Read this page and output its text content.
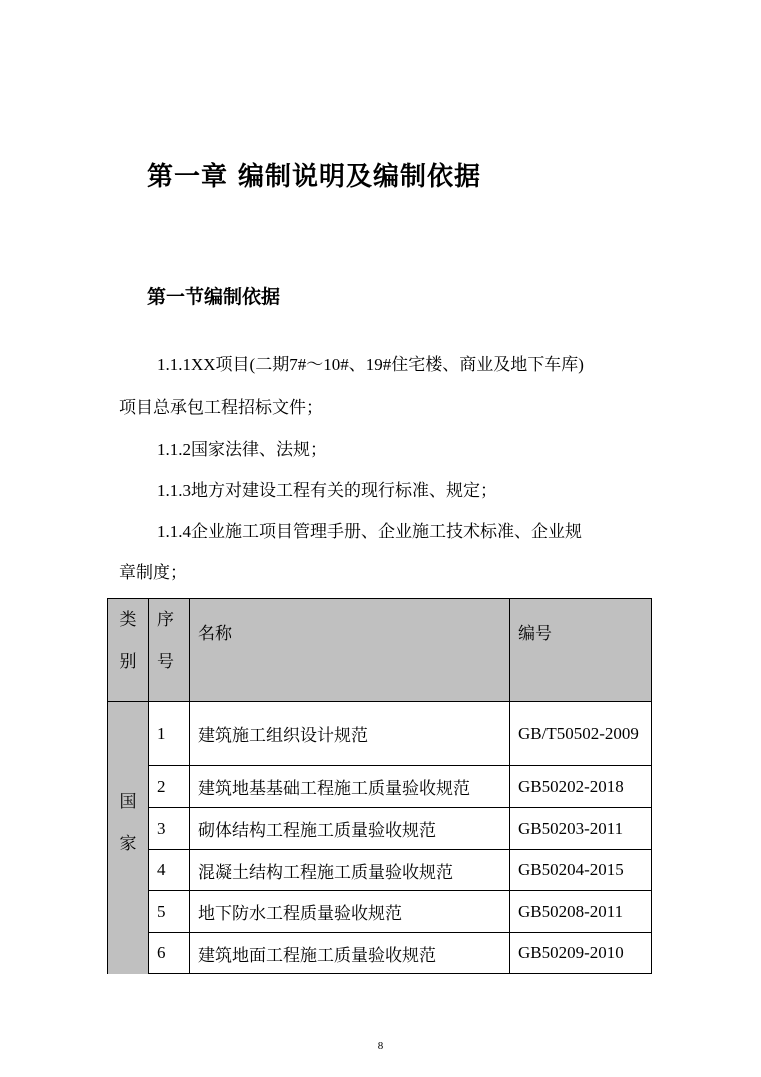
第一章 编制说明及编制依据
第一节编制依据
1.1.1XX项目(二期7#～10#、19#住宅楼、商业及地下车库)
项目总承包工程招标文件；
1.1.2国家法律、法规；
1.1.3地方对建设工程有关的现行标准、规定；
1.1.4企业施工项目管理手册、企业施工技术标准、企业规
章制度；
类别	序号	名称	编号
国家	1	建筑施工组织设计规范	GB/T50502-2009
	2	建筑地基基础工程施工质量验收规范	GB50202-2018
	3	砌体结构工程施工质量验收规范	GB50203-2011
	4	混凝土结构工程施工质量验收规范	GB50204-2015
	5	地下防水工程质量验收规范	GB50208-2011
	6	建筑地面工程施工质量验收规范	GB50209-2010
8
